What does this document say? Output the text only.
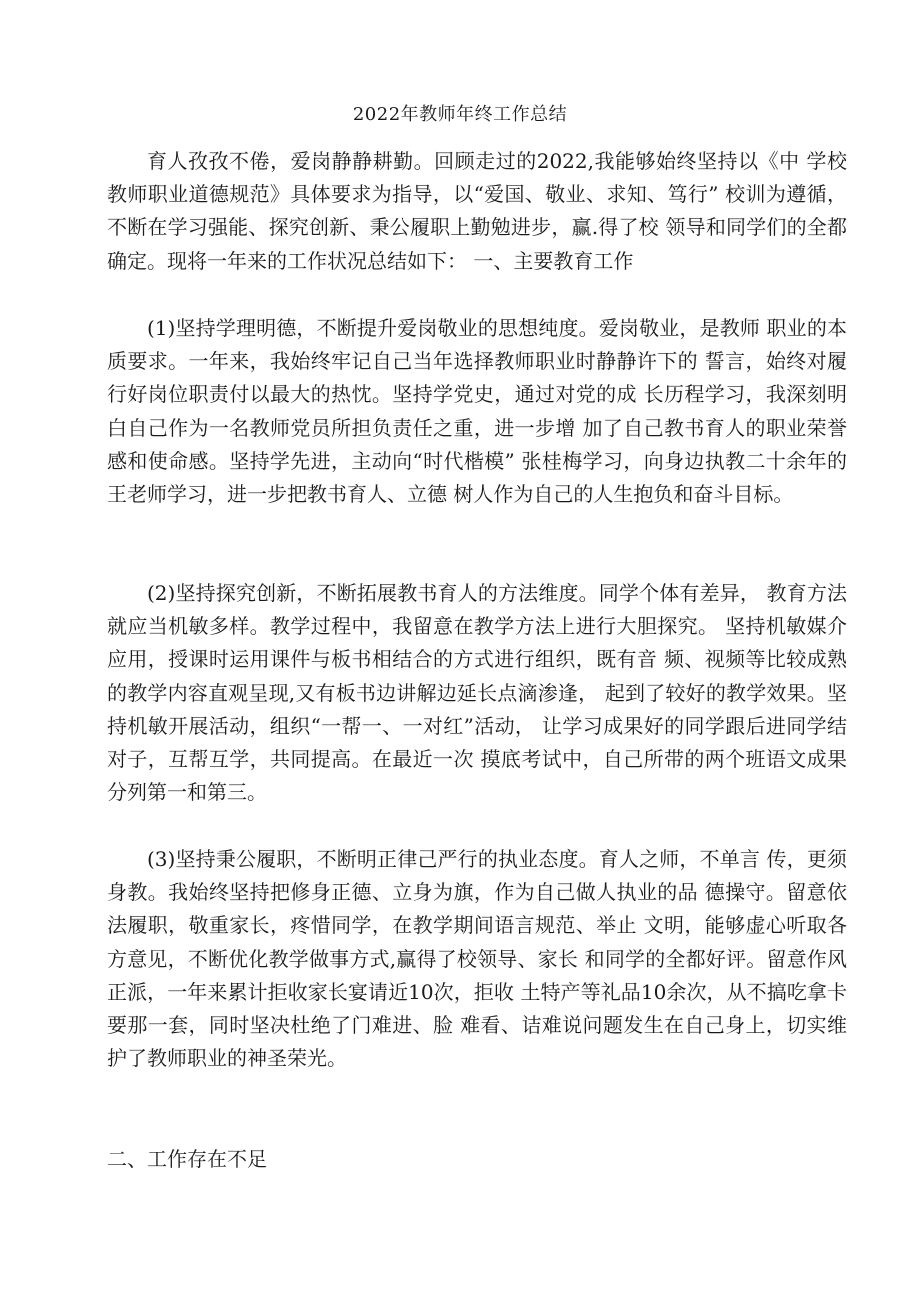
2022年教师年终工作总结

育人孜孜不倦，爱岗静静耕勤。回顾走过的2022,我能够始终坚持以《中 学校教师职业道德规范》具体要求为指导，以“爱国、敬业、求知、笃行” 校训为遵循，不断在学习强能、探究创新、秉公履职上勤勉进步，赢.得了校 领导和同学们的全都确定。现将一年来的工作状况总结如下： 一、主要教育工作

(1)坚持学理明德，不断提升爱岗敬业的思想纯度。爱岗敬业，是教师 职业的本质要求。一年来，我始终牢记自己当年选择教师职业时静静许下的 誓言，始终对履行好岗位职责付以最大的热忱。坚持学党史，通过对党的成 长历程学习，我深刻明白自己作为一名教师党员所担负责任之重，进一步增 加了自己教书育人的职业荣誉感和使命感。坚持学先进，主动向“时代楷模” 张桂梅学习，向身边执教二十余年的王老师学习，进一步把教书育人、立德 树人作为自己的人生抱负和奋斗目标。

(2)坚持探究创新，不断拓展教书育人的方法维度。同学个体有差异， 教育方法就应当机敏多样。教学过程中，我留意在教学方法上进行大胆探究。 坚持机敏媒介应用，授课时运用课件与板书相结合的方式进行组织，既有音 频、视频等比较成熟的教学内容直观呈现,又有板书边讲解边延长点滴渗逢， 起到了较好的教学效果。坚持机敏开展活动，组织“一帮一、一对红”活动， 让学习成果好的同学跟后进同学结对子，互帮互学，共同提高。在最近一次 摸底考试中，自己所带的两个班语文成果分列第一和第三。

(3)坚持秉公履职，不断明正律己严行的执业态度。育人之师，不单言 传，更须身教。我始终坚持把修身正德、立身为旗，作为自己做人执业的品 德操守。留意依法履职，敬重家长，疼惜同学，在教学期间语言规范、举止 文明，能够虚心听取各方意见，不断优化教学做事方式,赢得了校领导、家长 和同学的全都好评。留意作风正派，一年来累计拒收家长宴请近10次，拒收 土特产等礼品10余次，从不搞吃拿卡要那一套，同时坚决杜绝了门难进、脸 难看、诘难说问题发生在自己身上，切实维护了教师职业的神圣荣光。

二、工作存在不足
